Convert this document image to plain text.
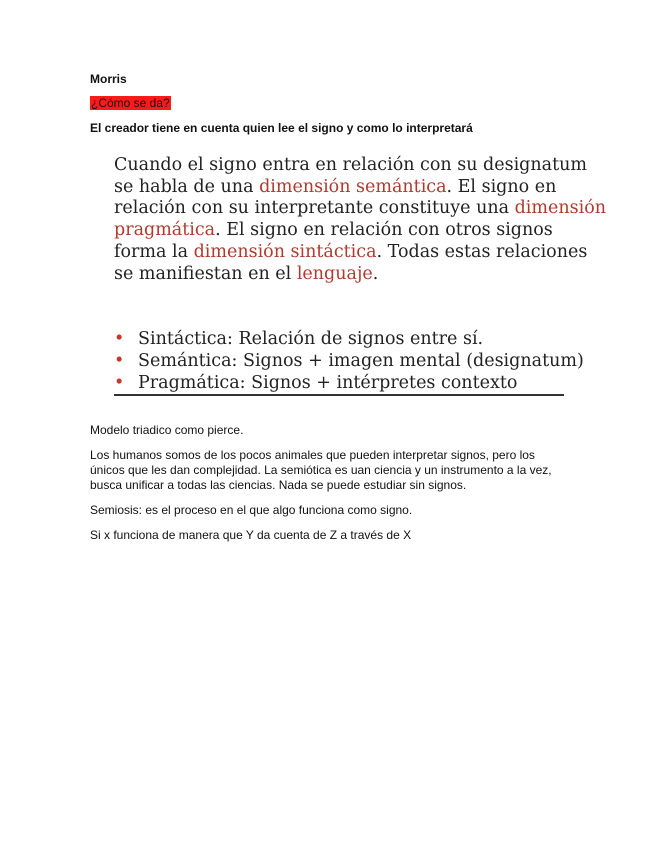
Morris

¿Cómo se da?

El creador tiene en cuenta quien lee el signo y como lo interpretará

Cuando el signo entra en relación con su designatum
se habla de una dimensión semántica. El signo en
relación con su interpretante constituye una dimensión
pragmática. El signo en relación con otros signos
forma la dimensión sintáctica. Todas estas relaciones
se manifiestan en el lenguaje.

• Sintáctica: Relación de signos entre sí.
• Semántica: Signos + imagen mental (designatum)
• Pragmática: Signos + intérpretes contexto

Modelo triadico como pierce.

Los humanos somos de los pocos animales que pueden interpretar signos, pero los únicos que les dan complejidad. La semiótica es uan ciencia y un instrumento a la vez, busca unificar a todas las ciencias. Nada se puede estudiar sin signos.

Semiosis: es el proceso en el que algo funciona como signo.

Si x funciona de manera que Y da cuenta de Z a través de X
